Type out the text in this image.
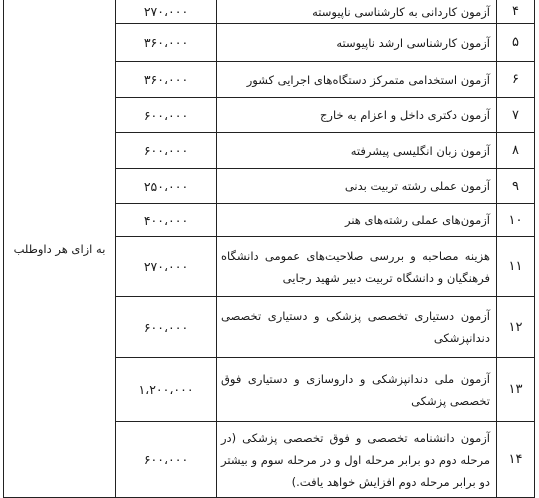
به ازای هر داوطلب
۴
آزمون کاردانی به کارشناسی ناپیوسته
۲۷۰،۰۰۰
۵
آزمون کارشناسی ارشد ناپیوسته
۳۶۰،۰۰۰
۶
آزمون استخدامی متمرکز دستگاه‌های اجرایی کشور
۳۶۰،۰۰۰
۷
آزمون دکتری داخل و اعزام به خارج
۶۰۰،۰۰۰
۸
آزمون زبان انگلیسی پیشرفته
۶۰۰،۰۰۰
۹
آزمون عملی رشته تربیت بدنی
۲۵۰،۰۰۰
۱۰
آزمون‌های عملی رشته‌های هنر
۴۰۰،۰۰۰
۱۱
هزینه مصاحبه و بررسی صلاحیت‌های عمومی دانشگاه فرهنگیان و دانشگاه تربیت دبیر شهید رجایی
۲۷۰،۰۰۰
۱۲
آزمون دستیاری تخصصی پزشکی و دستیاری تخصصی دندانپزشکی
۶۰۰،۰۰۰
۱۳
آزمون ملی دندانپزشکی و داروسازی و دستیاری فوق تخصصی پزشکی
۱،۲۰۰،۰۰۰
۱۴
آزمون دانشنامه تخصصی و فوق تخصصی پزشکی (در مرحله دوم دو برابر مرحله اول و در مرحله سوم و بیشتر دو برابر مرحله دوم افزایش خواهد یافت.)
۶۰۰،۰۰۰
